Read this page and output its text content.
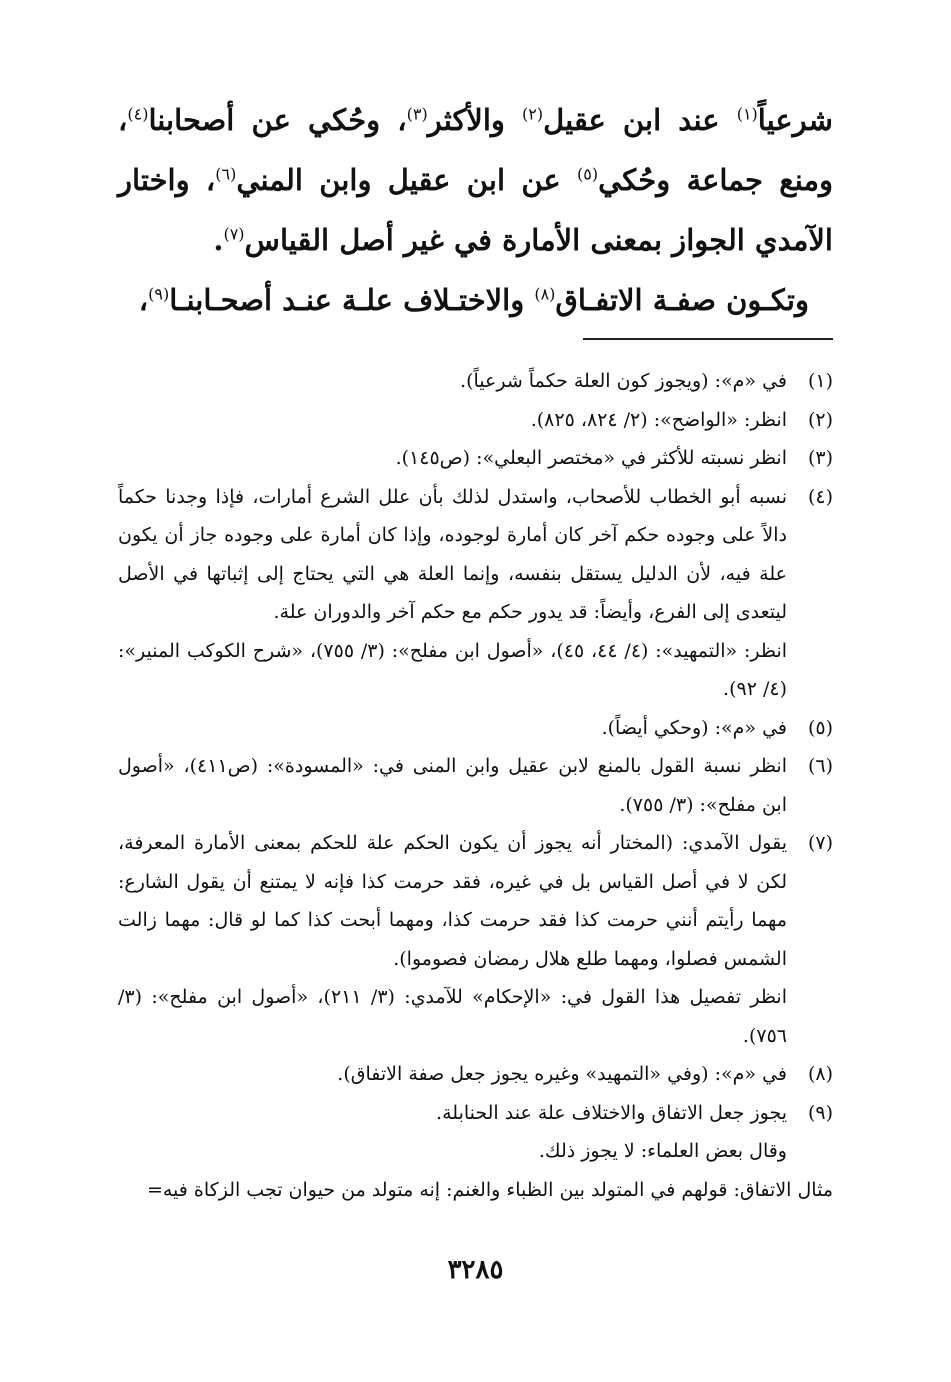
شرعياً$^{(١)}$ عند ابن عقيل$^{(٢)}$ والأكثر$^{(٣)}$، وحُكي عن أصحابنا$^{(٤)}$، ومنع جماعة وحُكي$^{(٥)}$ عن ابن عقيل وابن المني$^{(٦)}$، واختار الآمدي الجواز بمعنى الأمارة في غير أصل القياس$^{(٧)}$.

وتكـون صفـة الاتفـاق$^{(٨)}$ والاختـلاف علـة عنـد أصحـابنـا$^{(٩)}$،

(١)
في «م»: (ويجوز كون العلة حكماً شرعياً).
(٢)
انظر: «الواضح»: (٢/ ٨٢٤، ٨٢٥).
(٣)
انظر نسبته للأكثر في «مختصر البعلي»: (ص١٤٥).
(٤)
نسبه أبو الخطاب للأصحاب، واستدل لذلك بأن علل الشرع أمارات، فإذا وجدنا حكماً دالاً على وجوده حكم آخر كان أمارة لوجوده، وإذا كان أمارة على وجوده جاز أن يكون علة فيه، لأن الدليل يستقل بنفسه، وإنما العلة هي التي يحتاج إلى إثباتها في الأصل ليتعدى إلى الفرع، وأيضاً: قد يدور حكم مع حكم آخر والدوران علة.
انظر: «التمهيد»: (٤/ ٤٤، ٤٥)، «أصول ابن مفلح»: (٣/ ٧٥٥)، «شرح الكوكب المنير»: (٤/ ٩٢).
(٥)
في «م»: (وحكي أيضاً).
(٦)
انظر نسبة القول بالمنع لابن عقيل وابن المنى في: «المسودة»: (ص٤١١)، «أصول ابن مفلح»: (٣/ ٧٥٥).
(٧)
يقول الآمدي: (المختار أنه يجوز أن يكون الحكم علة للحكم بمعنى الأمارة المعرفة، لكن لا في أصل القياس بل في غيره، فقد حرمت كذا فإنه لا يمتنع أن يقول الشارع: مهما رأيتم أنني حرمت كذا فقد حرمت كذا، ومهما أبحت كذا كما لو قال: مهما زالت الشمس فصلوا، ومهما طلع هلال رمضان فصوموا).
انظر تفصيل هذا القول في: «الإحكام» للآمدي: (٣/ ٢١١)، «أصول ابن مفلح»: (٣/ ٧٥٦).
(٨)
في «م»: (وفي «التمهيد» وغيره يجوز جعل صفة الاتفاق).
(٩)
يجوز جعل الاتفاق والاختلاف علة عند الحنابلة.
وقال بعض العلماء: لا يجوز ذلك.
مثال الاتفاق: قولهم في المتولد بين الظباء والغنم: إنه متولد من حيوان تجب الزكاة فيه=
٣٢٨٥
